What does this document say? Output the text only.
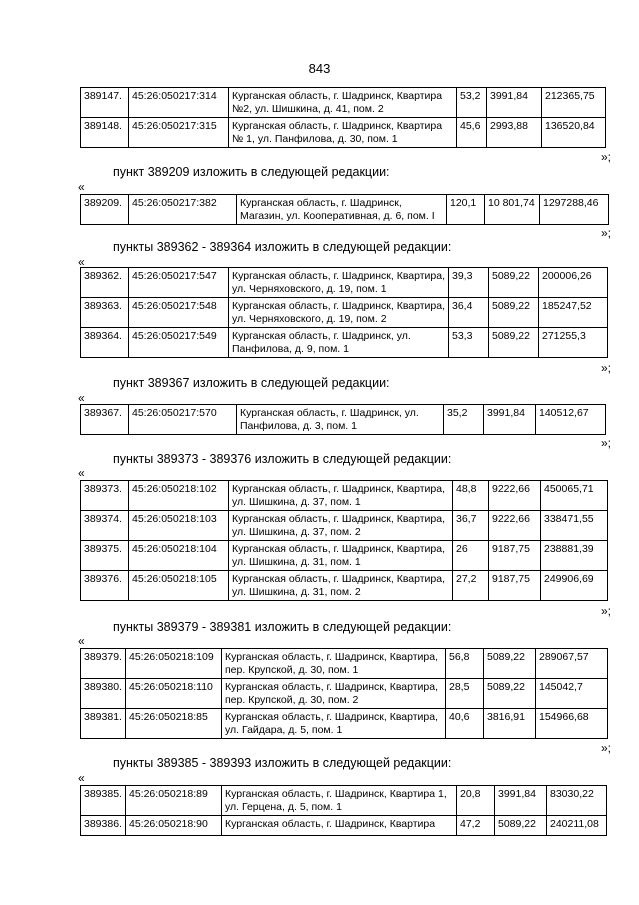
843
389147.	45:26:050217:314	Курганская область, г. Шадринск, Квартира №2, ул. Шишкина, д. 41, пом. 2	53,2	3991,84	212365,75
389148.	45:26:050217:315	Курганская область, г. Шадринск, Квартира № 1, ул. Панфилова, д. 30, пом. 1	45,6	2993,88	136520,84
»;
пункт 389209 изложить в следующей редакции:
«
389209.	45:26:050217:382	Курганская область, г. Шадринск, Магазин, ул. Кооперативная, д. 6, пом. I	120,1	10 801,74	1297288,46
»;
пункты 389362 - 389364 изложить в следующей редакции:
«
389362.	45:26:050217:547	Курганская область, г. Шадринск, Квартира, ул. Черняховского, д. 19, пом. 1	39,3	5089,22	200006,26
389363.	45:26:050217:548	Курганская область, г. Шадринск, Квартира, ул. Черняховского, д. 19, пом. 2	36,4	5089,22	185247,52
389364.	45:26:050217:549	Курганская область, г. Шадринск, ул. Панфилова, д. 9, пом. 1	53,3	5089,22	271255,3
»;
пункт 389367 изложить в следующей редакции:
«
389367.	45:26:050217:570	Курганская область, г. Шадринск, ул. Панфилова, д. 3, пом. 1	35,2	3991,84	140512,67
»;
пункты 389373 - 389376 изложить в следующей редакции:
«
389373.	45:26:050218:102	Курганская область, г. Шадринск, Квартира, ул. Шишкина, д. 37, пом. 1	48,8	9222,66	450065,71
389374.	45:26:050218:103	Курганская область, г. Шадринск, Квартира, ул. Шишкина, д. 37, пом. 2	36,7	9222,66	338471,55
389375.	45:26:050218:104	Курганская область, г. Шадринск, Квартира, ул. Шишкина, д. 31, пом. 1	26	9187,75	238881,39
389376.	45:26:050218:105	Курганская область, г. Шадринск, Квартира, ул. Шишкина, д. 31, пом. 2	27,2	9187,75	249906,69
»;
пункты 389379 - 389381 изложить в следующей редакции:
«
389379.	45:26:050218:109	Курганская область, г. Шадринск, Квартира, пер. Крупской, д. 30, пом. 1	56,8	5089,22	289067,57
389380.	45:26:050218:110	Курганская область, г. Шадринск, Квартира, пер. Крупской, д. 30, пом. 2	28,5	5089,22	145042,7
389381.	45:26:050218:85	Курганская область, г. Шадринск, Квартира, ул. Гайдара, д. 5, пом. 1	40,6	3816,91	154966,68
»;
пункты 389385 - 389393 изложить в следующей редакции:
«
389385.	45:26:050218:89	Курганская область, г. Шадринск, Квартира 1, ул. Герцена, д. 5, пом. 1	20,8	3991,84	83030,22
389386.	45:26:050218:90	Курганская область, г. Шадринск, Квартира	47,2	5089,22	240211,08
